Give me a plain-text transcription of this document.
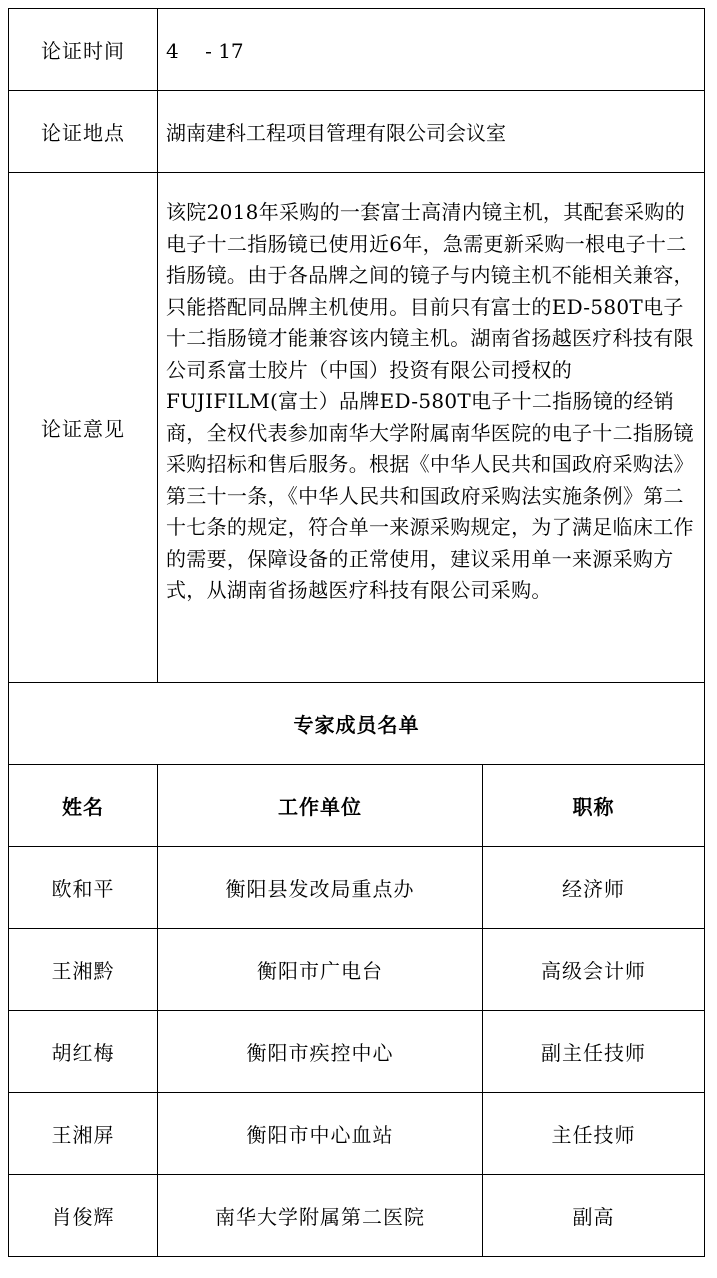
论证时间	4 　- 17	
论证地点	湖南建科工程项目管理有限公司会议室	
论证意见	该院2018年采购的一套富士高清内镜主机，其配套采购的电子十二指肠镜已使用近6年，急需更新采购一根电子十二指肠镜。由于各品牌之间的镜子与内镜主机不能相关兼容，只能搭配同品牌主机使用。目前只有富士的ED-580T电子十二指肠镜才能兼容该内镜主机。湖南省扬越医疗科技有限公司系富士胶片（中国）投资有限公司授权的FUJIFILM(富士）品牌ED-580T电子十二指肠镜的经销商，全权代表参加南华大学附属南华医院的电子十二指肠镜采购招标和售后服务。根据《中华人民共和国政府采购法》第三十一条，《中华人民共和国政府采购法实施条例》第二十七条的规定，符合单一来源采购规定，为了满足临床工作的需要，保障设备的正常使用，建议采用单一来源采购方式，从湖南省扬越医疗科技有限公司采购。	
专家成员名单		
姓名	工作单位	职称
欧和平	衡阳县发改局重点办	经济师
王湘黔	衡阳市广电台	高级会计师
胡红梅	衡阳市疾控中心	副主任技师
王湘屏	衡阳市中心血站	主任技师
肖俊辉	南华大学附属第二医院	副高
